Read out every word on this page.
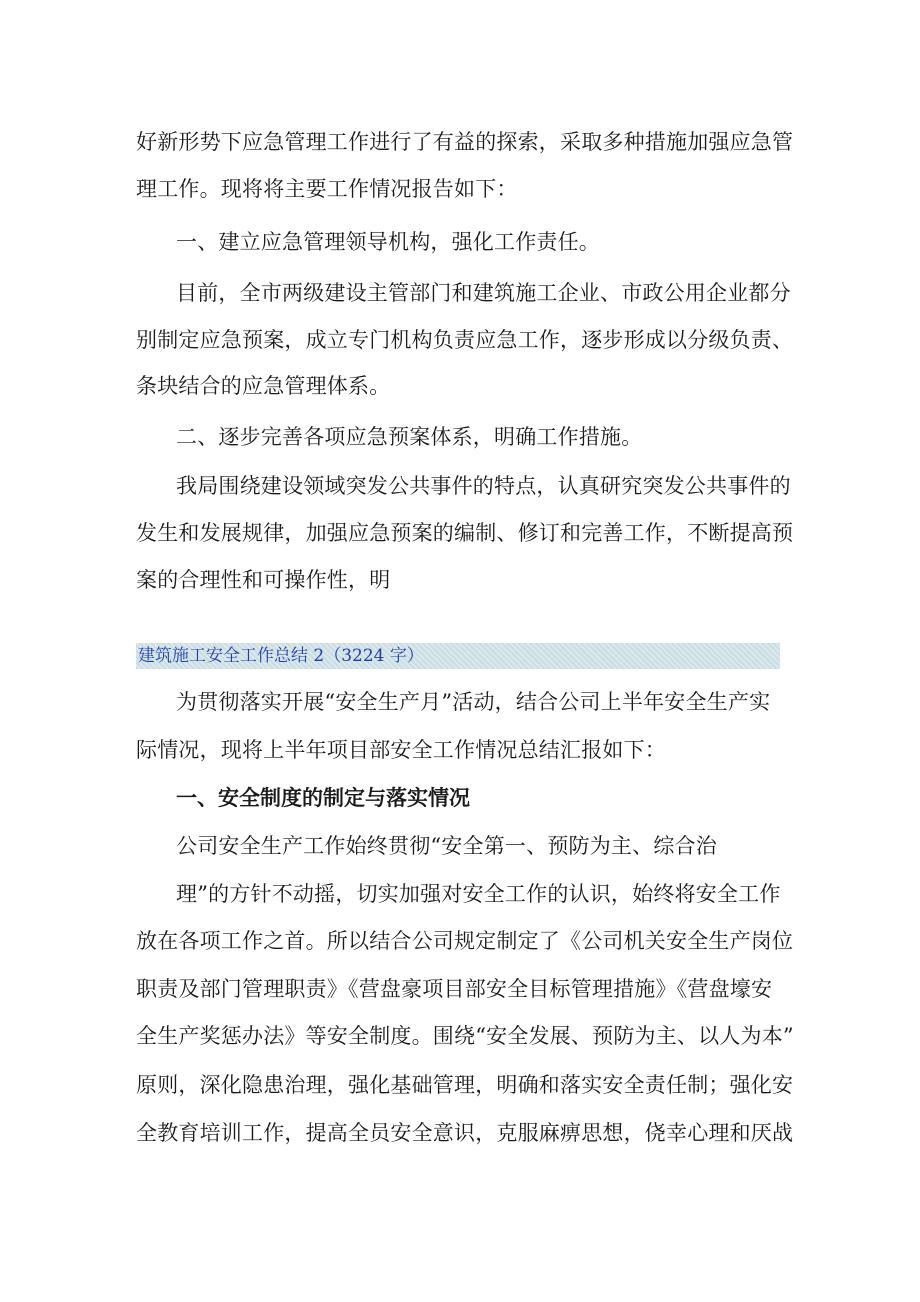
好新形势下应急管理工作进行了有益的探索，采取多种措施加强应急管

理工作。现将将主要工作情况报告如下：

一、建立应急管理领导机构，强化工作责任。

目前，全市两级建设主管部门和建筑施工企业、市政公用企业都分

别制定应急预案，成立专门机构负责应急工作，逐步形成以分级负责、

条块结合的应急管理体系。

二、逐步完善各项应急预案体系，明确工作措施。

我局围绕建设领域突发公共事件的特点，认真研究突发公共事件的

发生和发展规律，加强应急预案的编制、修订和完善工作，不断提高预

案的合理性和可操作性，明

建筑施工安全工作总结 2（3224 字）

为贯彻落实开展“安全生产月”活动，结合公司上半年安全生产实

际情况，现将上半年项目部安全工作情况总结汇报如下：

一、安全制度的制定与落实情况

公司安全生产工作始终贯彻“安全第一、预防为主、综合治

理”的方针不动摇，切实加强对安全工作的认识，始终将安全工作

放在各项工作之首。所以结合公司规定制定了《公司机关安全生产岗位

职责及部门管理职责》《营盘豪项目部安全目标管理措施》《营盘壕安

全生产奖惩办法》等安全制度。围绕“安全发展、预防为主、以人为本”

原则，深化隐患治理，强化基础管理，明确和落实安全责任制；强化安

全教育培训工作，提高全员安全意识，克服麻痹思想，侥幸心理和厌战
